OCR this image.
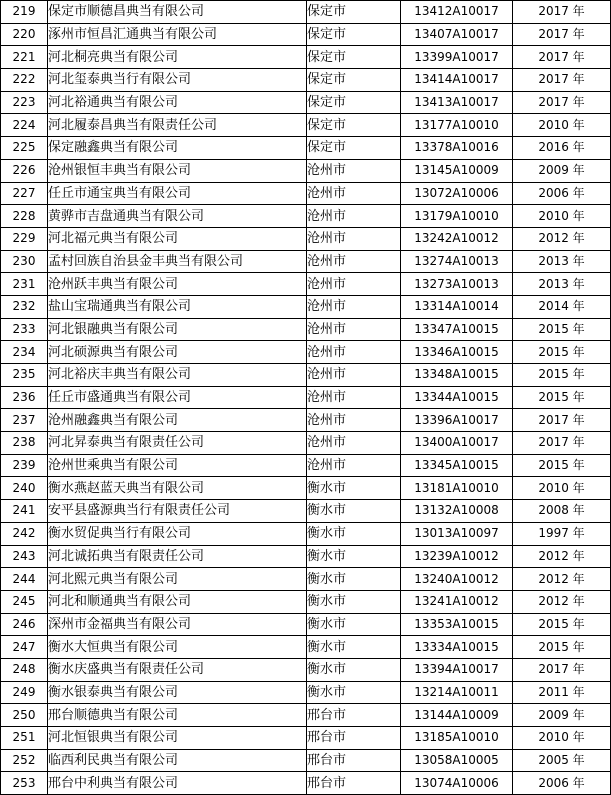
219	保定市顺德昌典当有限公司	保定市	13412A10017	2017 年
220	涿州市恒昌汇通典当有限公司	保定市	13407A10017	2017 年
221	河北桐亮典当有限公司	保定市	13399A10017	2017 年
222	河北玺泰典当行有限公司	保定市	13414A10017	2017 年
223	河北裕通典当有限公司	保定市	13413A10017	2017 年
224	河北履泰昌典当有限责任公司	保定市	13177A10010	2010 年
225	保定融鑫典当有限公司	保定市	13378A10016	2016 年
226	沧州银恒丰典当有限公司	沧州市	13145A10009	2009 年
227	任丘市通宝典当有限公司	沧州市	13072A10006	2006 年
228	黄骅市吉盘通典当有限公司	沧州市	13179A10010	2010 年
229	河北福元典当有限公司	沧州市	13242A10012	2012 年
230	孟村回族自治县金丰典当有限公司	沧州市	13274A10013	2013 年
231	沧州跃丰典当有限公司	沧州市	13273A10013	2013 年
232	盐山宝瑞通典当有限公司	沧州市	13314A10014	2014 年
233	河北银融典当有限公司	沧州市	13347A10015	2015 年
234	河北硕源典当有限公司	沧州市	13346A10015	2015 年
235	河北裕庆丰典当有限公司	沧州市	13348A10015	2015 年
236	任丘市盛通典当有限公司	沧州市	13344A10015	2015 年
237	沧州融鑫典当有限公司	沧州市	13396A10017	2017 年
238	河北昇泰典当有限责任公司	沧州市	13400A10017	2017 年
239	沧州世乘典当有限公司	沧州市	13345A10015	2015 年
240	衡水燕赵蓝天典当有限公司	衡水市	13181A10010	2010 年
241	安平县盛源典当行有限责任公司	衡水市	13132A10008	2008 年
242	衡水贸促典当行有限公司	衡水市	13013A10097	1997 年
243	河北诚拓典当有限责任公司	衡水市	13239A10012	2012 年
244	河北熙元典当有限公司	衡水市	13240A10012	2012 年
245	河北和顺通典当有限公司	衡水市	13241A10012	2012 年
246	深州市金福典当有限公司	衡水市	13353A10015	2015 年
247	衡水大恒典当有限公司	衡水市	13334A10015	2015 年
248	衡水庆盛典当有限责任公司	衡水市	13394A10017	2017 年
249	衡水银泰典当有限公司	衡水市	13214A10011	2011 年
250	邢台顺德典当有限公司	邢台市	13144A10009	2009 年
251	河北恒银典当有限公司	邢台市	13185A10010	2010 年
252	临西利民典当有限公司	邢台市	13058A10005	2005 年
253	邢台中利典当有限公司	邢台市	13074A10006	2006 年
